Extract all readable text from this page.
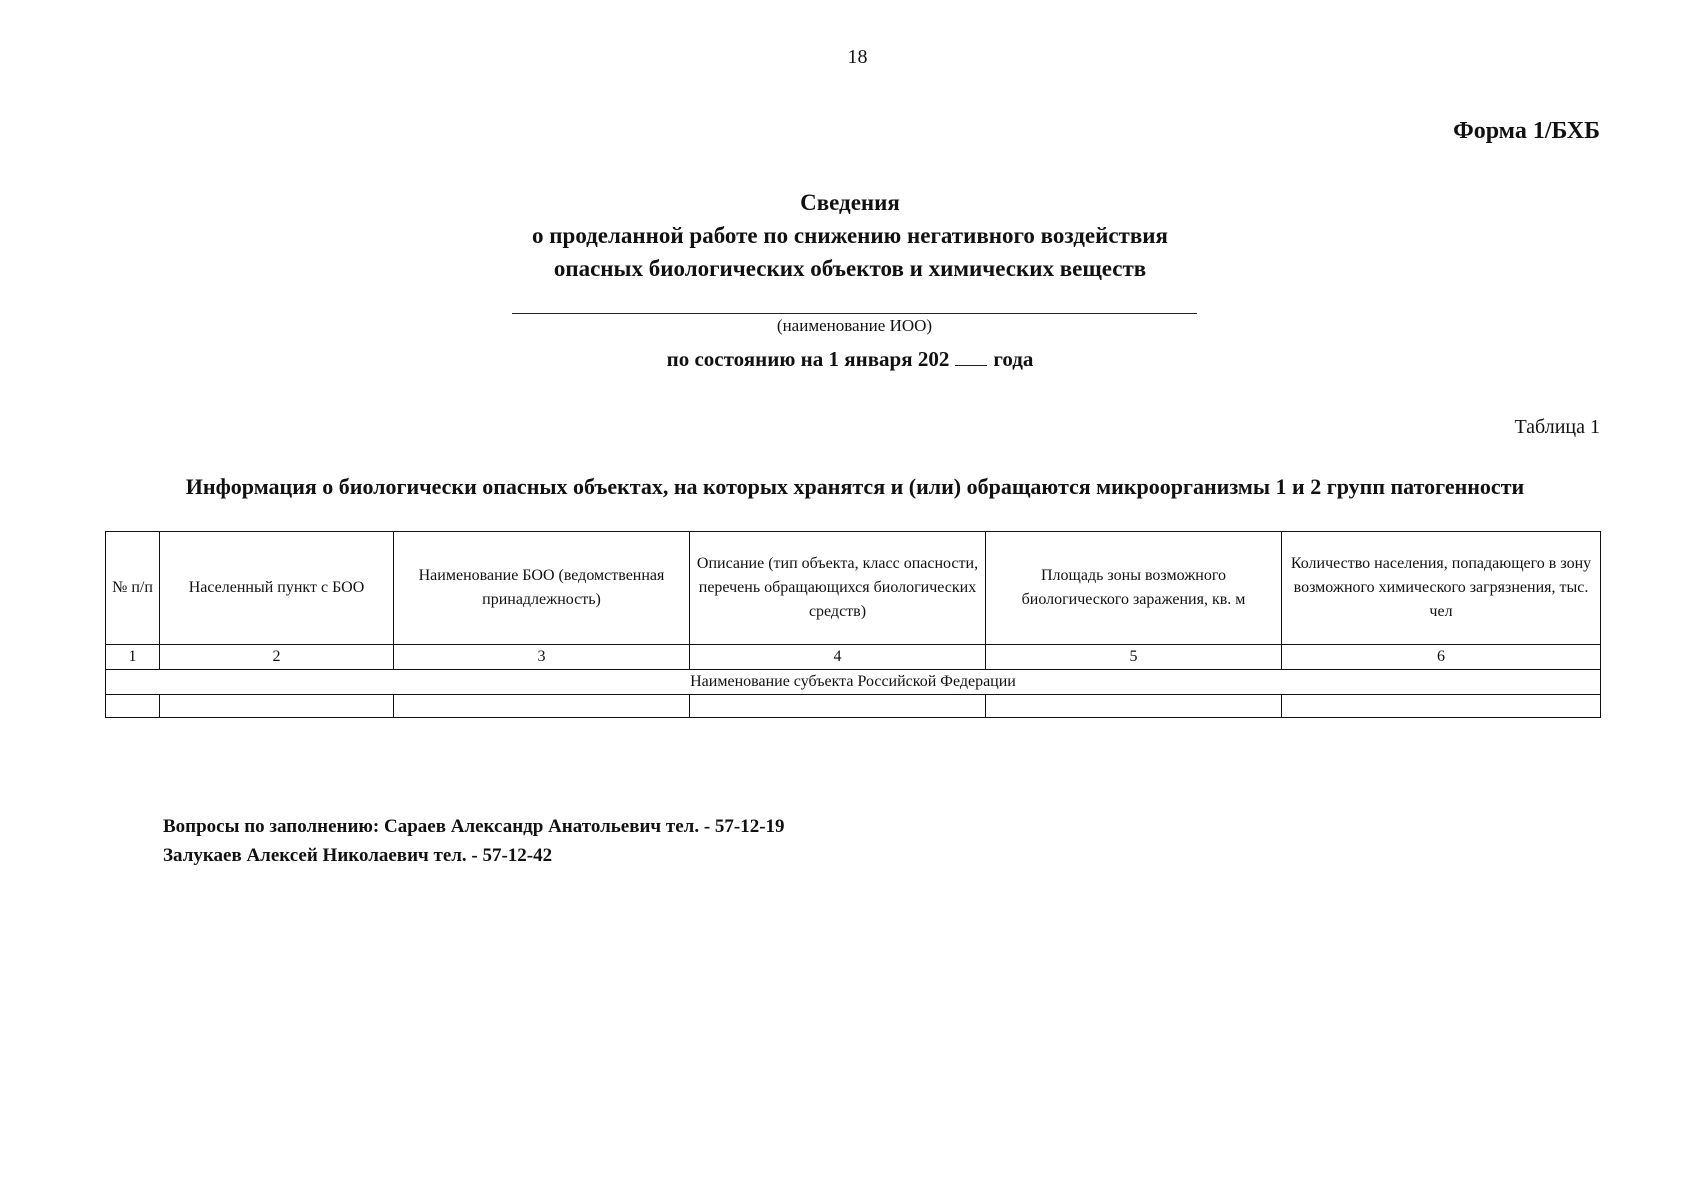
18
Форма 1/БХБ
Сведения
о проделанной работе по снижению негативного воздействия
опасных биологических объектов и химических веществ
(наименование ИОО)
по состоянию на 1 января 202 года
Таблица 1
Информация о биологически опасных объектах, на которых хранятся и (или) обращаются микроорганизмы 1 и 2 групп патогенности
№ п/п	Населенный пункт с БОО	Наименование БОО (ведомственная принадлежность)	Описание (тип объекта, класс опасности, перечень обращающихся биологических средств)	Площадь зоны возможного биологического заражения, кв. м	Количество населения, попадающего в зону возможного химического загрязнения, тыс. чел
1	2	3	4	5	6
Наименование субъекта Российской Федерации					

Вопросы по заполнению: Сараев Александр Анатольевич тел. - 57-12-19
Залукаев Алексей Николаевич тел. - 57-12-42
